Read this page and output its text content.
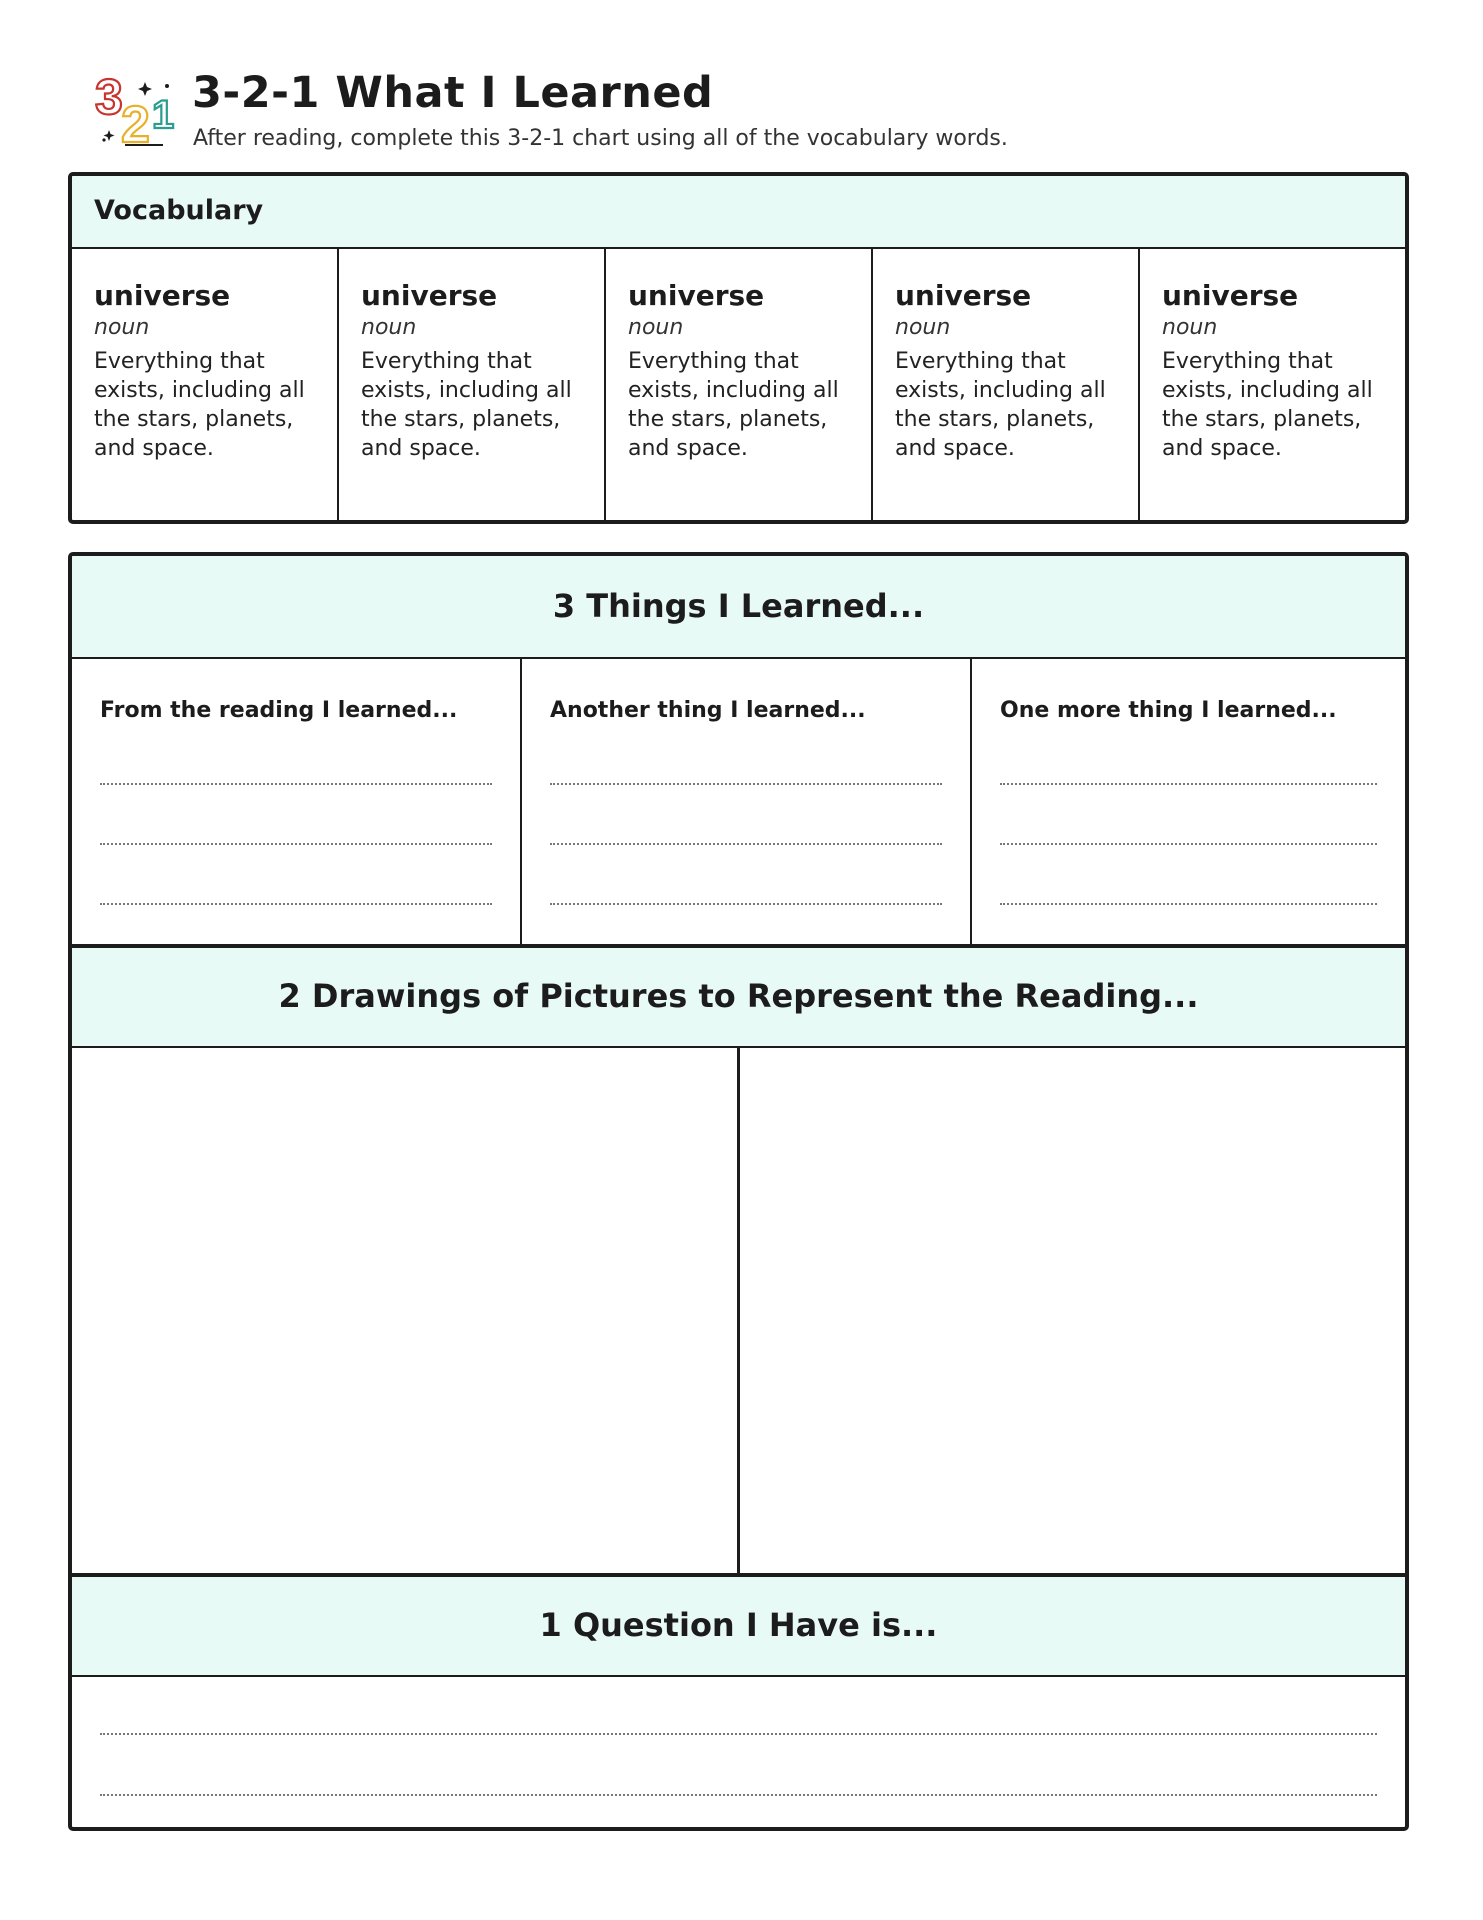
3
2 1 3-2-1 What I Learned
After reading, complete this 3-2-1 chart using all of the vocabulary words.
Vocabulary
universe
noun
Everything that exists, including all the stars, planets, and space.
universe
noun
Everything that exists, including all the stars, planets, and space.
universe
noun
Everything that exists, including all the stars, planets, and space.
universe
noun
Everything that exists, including all the stars, planets, and space.
universe
noun
Everything that exists, including all the stars, planets, and space.
3 Things I Learned...
From the reading I learned...	Another thing I learned...	One more thing I learned...
2 Drawings of Pictures to Represent the Reading...
1 Question I Have is...
